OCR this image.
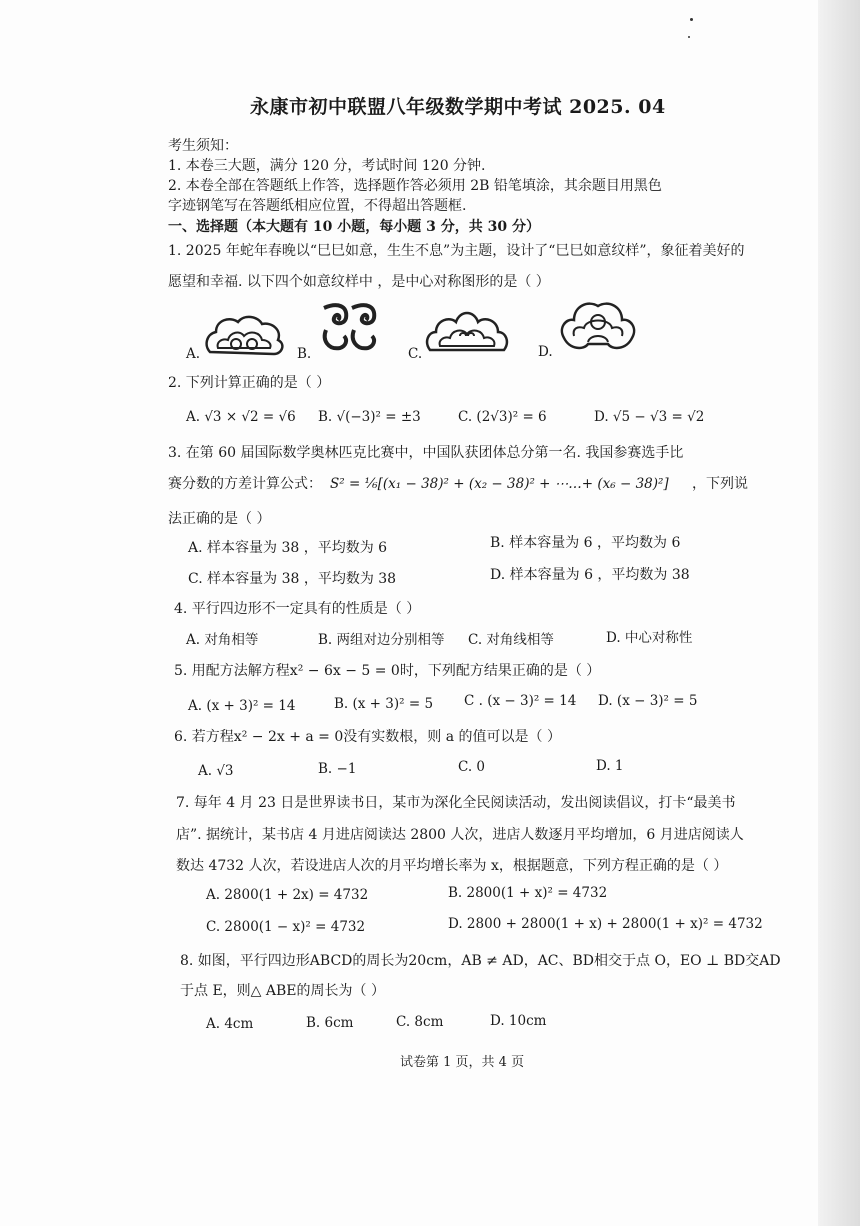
永康市初中联盟八年级数学期中考试 2025. 04
考生须知：
1. 本卷三大题，满分 120 分，考试时间 120 分钟.
2. 本卷全部在答题纸上作答，选择题作答必须用 2B 铅笔填涂，其余题目用黑色
字迹钢笔写在答题纸相应位置，不得超出答题框.
一、选择题（本大题有 10 小题，每小题 3 分，共 30 分）
1. 2025 年蛇年春晚以“巳巳如意，生生不息”为主题，设计了“巳巳如意纹样”，象征着美好的
愿望和幸福. 以下四个如意纹样中 ，是中心对称图形的是（ ）
A.	B.	C.	D.
2. 下列计算正确的是（ ）
A. √3 × √2 = √6 B. √(−3)² = ±3	C. (2√3)² = 6	D. √5 − √3 = √2
3. 在第 60 届国际数学奥林匹克比赛中，中国队获团体总分第一名. 我国参赛选手比
赛分数的方差计算公式： S² = ⅙[(x₁ − 38)² + (x₂ − 38)² + ⋯…+ (x₆ − 38)²] ，下列说
法正确的是（ ）
A. 样本容量为 38 ，平均数为 6	B. 样本容量为 6 ，平均数为 6
C. 样本容量为 38 ，平均数为 38	D. 样本容量为 6 ，平均数为 38
4. 平行四边形不一定具有的性质是（ ）
A. 对角相等	B. 两组对边分别相等 C. 对角线相等	D. 中心对称性
5. 用配方法解方程x² − 6x − 5 = 0时，下列配方结果正确的是（ ）
A. (x + 3)² = 14	B. (x + 3)² = 5 C . (x − 3)² = 14 D. (x − 3)² = 5
6. 若方程x² − 2x + a = 0没有实数根，则 a 的值可以是（ ）
A. √3	B. −1	C. 0	D. 1
7. 每年 4 月 23 日是世界读书日，某市为深化全民阅读活动，发出阅读倡议，打卡“最美书
店”. 据统计，某书店 4 月进店阅读达 2800 人次，进店人数逐月平均增加，6 月进店阅读人
数达 4732 人次，若设进店人次的月平均增长率为 x，根据题意，下列方程正确的是（ ）
A. 2800(1 + 2x) = 4732	B. 2800(1 + x)² = 4732
C. 2800(1 − x)² = 4732	D. 2800 + 2800(1 + x) + 2800(1 + x)² = 4732
8. 如图，平行四边形ABCD的周长为20cm，AB ≠ AD，AC、BD相交于点 O，EO ⊥ BD交AD
于点 E，则△ ABE的周长为（ ）
A. 4cm	B. 6cm	C. 8cm	D. 10cm
试卷第 1 页，共 4 页
